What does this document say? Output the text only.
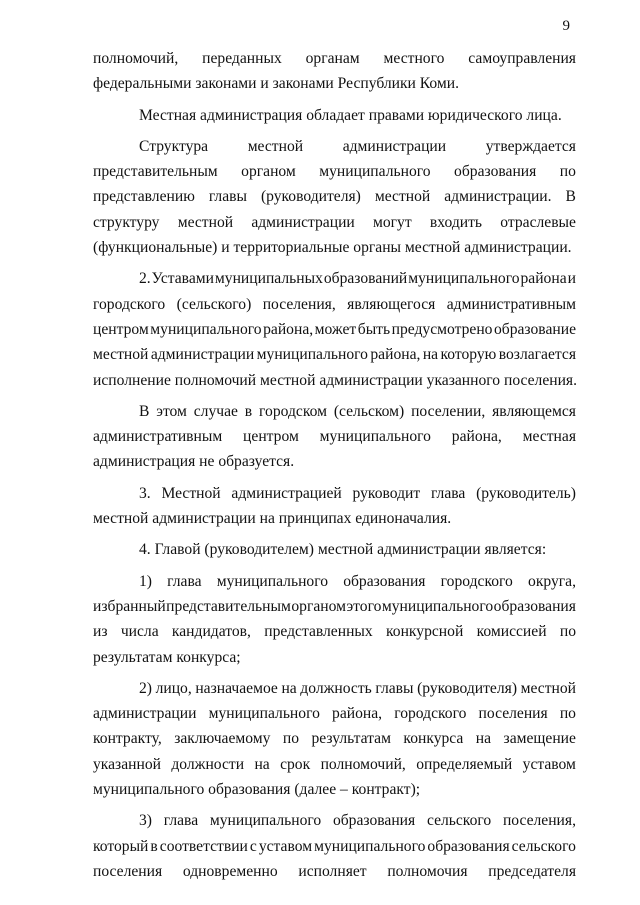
9
полномочий, переданных органам местного самоуправления
федеральными законами и законами Республики Коми.
Местная администрация обладает правами юридического лица.
Структура	местной	администрации	утверждается
представительным органом муниципального образования по
представлению главы (руководителя) местной администрации. В
структуру местной администрации могут входить отраслевые
(функциональные) и территориальные органы местной администрации.
2. Уставами муниципальных образований муниципального района и
городского (сельского) поселения, являющегося административным
центром муниципального района, может быть предусмотрено образование
местной администрации муниципального района, на которую возлагается
исполнение полномочий местной администрации указанного поселения.
В этом случае в городском (сельском) поселении, являющемся
административным центром муниципального района, местная
администрация не образуется.
3. Местной администрацией руководит глава (руководитель)
местной администрации на принципах единоначалия.
4. Главой (руководителем) местной администрации является:
1) глава муниципального образования городского округа,
избранный представительным органом этого муниципального образования
из числа кандидатов, представленных конкурсной комиссией по
результатам конкурса;
2) лицо, назначаемое на должность главы (руководителя) местной
администрации муниципального района, городского поселения по
контракту, заключаемому по результатам конкурса на замещение
указанной должности на срок полномочий, определяемый уставом
муниципального образования (далее – контракт);
3) глава муниципального образования сельского поселения,
который в соответствии с уставом муниципального образования сельского
поселения одновременно исполняет полномочия председателя
